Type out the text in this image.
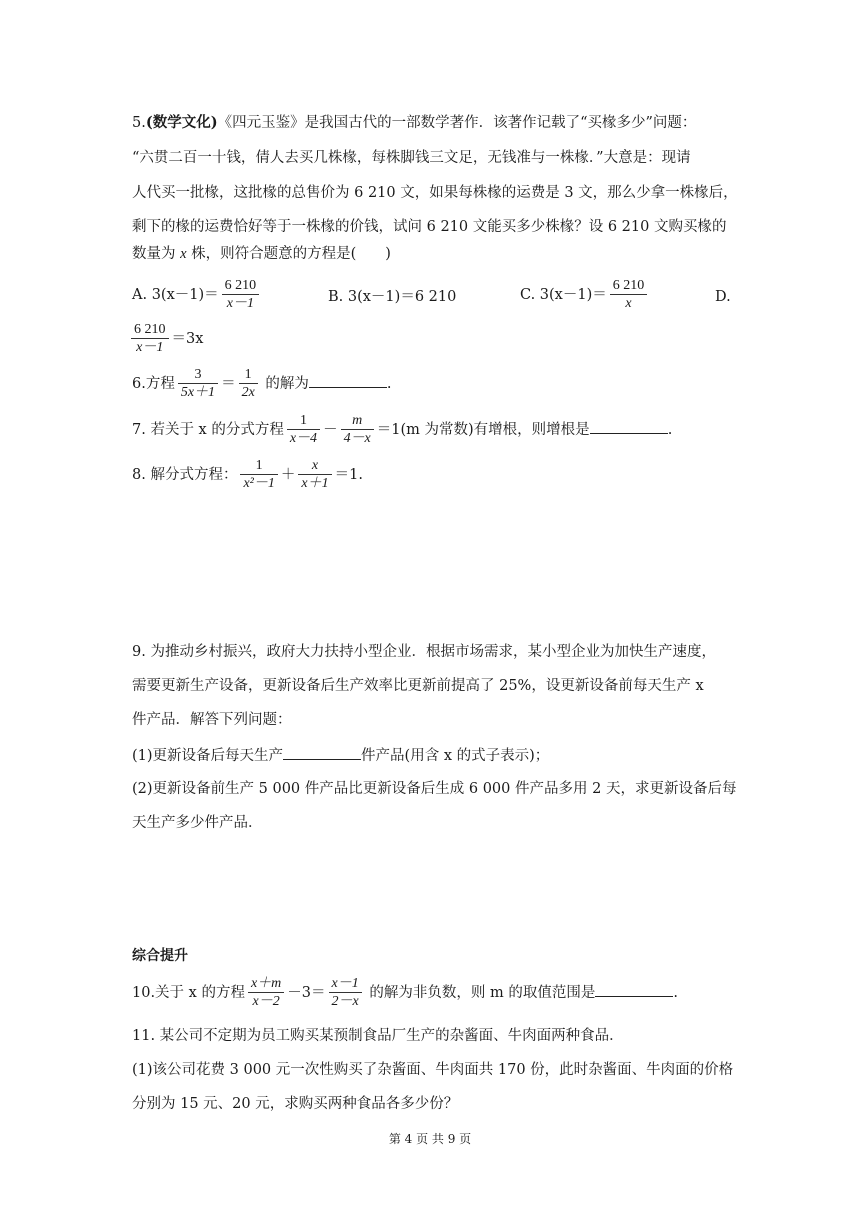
5.(数学文化)《四元玉鉴》是我国古代的一部数学著作．该著作记载了“买椽多少”问题：
“六贯二百一十钱，倩人去买几株椽，每株脚钱三文足，无钱准与一株椽．”大意是：现请
人代买一批椽，这批椽的总售价为 6 210 文，如果每株椽的运费是 3 文，那么少拿一株椽后，
剩下的椽的运费恰好等于一株椽的价钱，试问 6 210 文能买多少株椽？设 6 210 文购买椽的
数量为 x 株，则符合题意的方程是(　　)
A. $3(x-1)= \frac{6 210}{x-1}$	B. 3(x－1)＝6 210	C. $3(x-1)= \frac{6 210}{x}$	D.
$\frac{6 210}{x-1} =3x$
6.方程 $\frac{3}{5x+1} = \frac{1}{2x}$ 的解为	.
7. 若关于 x 的分式方程 $\frac{1}{x-4} - \frac{m}{4-x} =1(m$ 为常数)有增根，则增根是	.
8. 解分式方程： $\frac{1}{\text{x²－1}} + \frac{x}{x+1} =1$.
9. 为推动乡村振兴，政府大力扶持小型企业．根据市场需求，某小型企业为加快生产速度，
需要更新生产设备，更新设备后生产效率比更新前提高了 25%，设更新设备前每天生产 x
件产品．解答下列问题：
(1)更新设备后每天生产	件产品(用含 x 的式子表示)；
(2)更新设备前生产 5 000 件产品比更新设备后生成 6 000 件产品多用 2 天，求更新设备后每
天生产多少件产品．
综合提升
10.关于 x 的方程 $\frac{x+m}{x-2} -3= \frac{x-1}{2-x}$ 的解为非负数，则 m 的取值范围是	.
11. 某公司不定期为员工购买某预制食品厂生产的杂酱面、牛肉面两种食品．
(1)该公司花费 3 000 元一次性购买了杂酱面、牛肉面共 170 份，此时杂酱面、牛肉面的价格
分别为 15 元、20 元，求购买两种食品各多少份？
第 4 页 共 9 页
